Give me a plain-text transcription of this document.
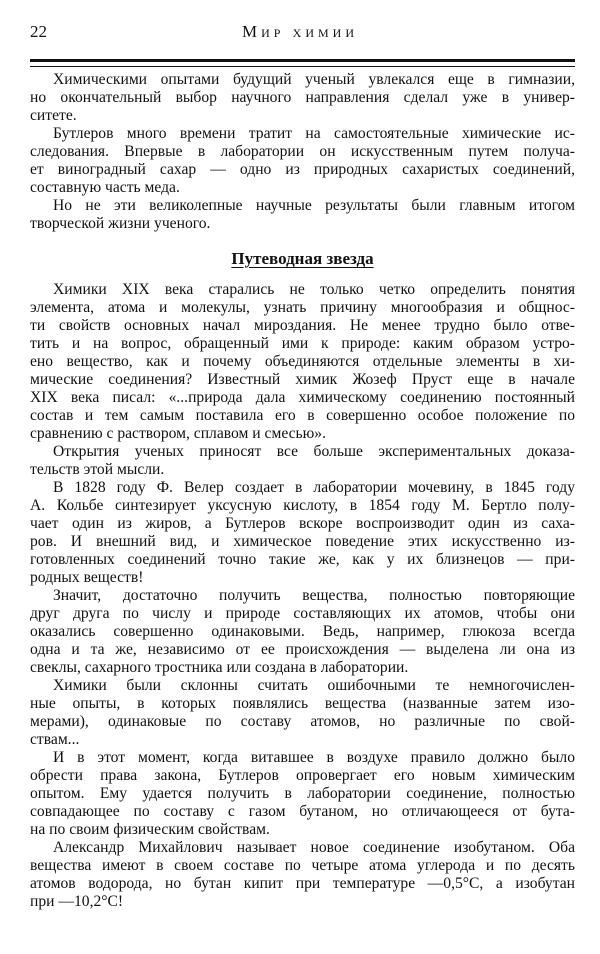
22	Мир химии
Химическими опытами будущий ученый увлекался еще в гимназии,
но окончательный выбор научного направления сделал уже в универ-
ситете.
Бутлеров много времени тратит на самостоятельные химические ис-
следования. Впервые в лаборатории он искусственным путем получа-
ет виноградный сахар — одно из природных сахаристых соединений,
составную часть меда.
Но не эти великолепные научные результаты были главным итогом
творческой жизни ученого.
Путеводная звезда
Химики XIX века старались не только четко определить понятия
элемента, атома и молекулы, узнать причину многообразия и общнос-
ти свойств основных начал мироздания. Не менее трудно было отве-
тить и на вопрос, обращенный ими к природе: каким образом устро-
ено вещество, как и почему объединяются отдельные элементы в хи-
мические соединения? Известный химик Жозеф Пруст еще в начале
XIX века писал: «...природа дала химическому соединению постоянный
состав и тем самым поставила его в совершенно особое положение по
сравнению с раствором, сплавом и смесью».
Открытия ученых приносят все больше экспериментальных доказа-
тельств этой мысли.
В 1828 году Ф. Велер создает в лаборатории мочевину, в 1845 году
А. Кольбе синтезирует уксусную кислоту, в 1854 году М. Бертло полу-
чает один из жиров, а Бутлеров вскоре воспроизводит один из саха-
ров. И внешний вид, и химическое поведение этих искусственно из-
готовленных соединений точно такие же, как у их близнецов — при-
родных веществ!
Значит, достаточно получить вещества, полностью повторяющие
друг друга по числу и природе составляющих их атомов, чтобы они
оказались совершенно одинаковыми. Ведь, например, глюкоза всегда
одна и та же, независимо от ее происхождения — выделена ли она из
свеклы, сахарного тростника или создана в лаборатории.
Химики были склонны считать ошибочными те немногочислен-
ные опыты, в которых появлялись вещества (названные затем изо-
мерами), одинаковые по составу атомов, но различные по свой-
ствам...
И в этот момент, когда витавшее в воздухе правило должно было
обрести права закона, Бутлеров опровергает его новым химическим
опытом. Ему удается получить в лаборатории соединение, полностью
совпадающее по составу с газом бутаном, но отличающееся от бута-
на по своим физическим свойствам.
Александр Михайлович называет новое соединение изобутаном. Оба
вещества имеют в своем составе по четыре атома углерода и по десять
атомов водорода, но бутан кипит при температуре —0,5°С, а изобутан
при —10,2°С!
